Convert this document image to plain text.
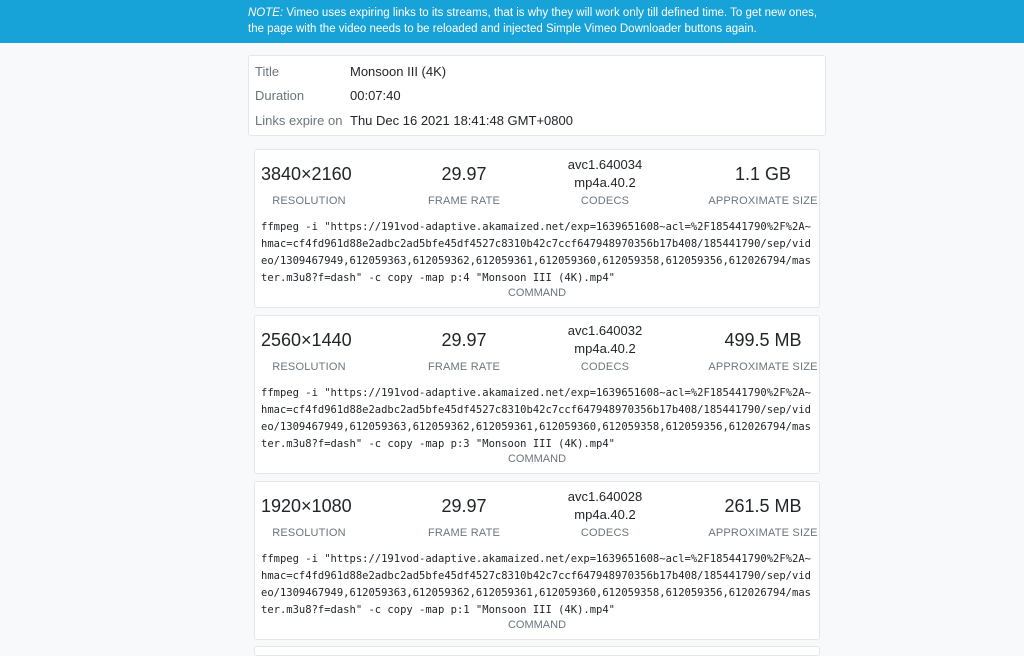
NOTE: Vimeo uses expiring links to its streams, that is why they will work only till defined time. To get new ones, the page with the video needs to be reloaded and injected Simple Vimeo Downloader buttons again.
Title	Monsoon III (4K)
Duration	00:07:40
Links expire on Thu Dec 16 2021 18:41:48 GMT+0800
3840×2160
RESOLUTION
29.97
FRAME RATE
avc1.640034
mp4a.40.2
CODECS
1.1 GB
APPROXIMATE SIZE
ffmpeg -i "https://191vod-adaptive.akamaized.net/exp=1639651608~acl=%2F185441790%2F%2A~hmac=cf4fd961d88e2adbc2ad5bfe45df4527c8310b42c7ccf647948970356b17b408/185441790/sep/video/1309467949,612059363,612059362,612059361,612059360,612059358,612059356,612026794/master.m3u8?f=dash" -c copy -map p:4 "Monsoon III (4K).mp4"
COMMAND
2560×1440
RESOLUTION
29.97
FRAME RATE
avc1.640032
mp4a.40.2
CODECS
499.5 MB
APPROXIMATE SIZE
ffmpeg -i "https://191vod-adaptive.akamaized.net/exp=1639651608~acl=%2F185441790%2F%2A~hmac=cf4fd961d88e2adbc2ad5bfe45df4527c8310b42c7ccf647948970356b17b408/185441790/sep/video/1309467949,612059363,612059362,612059361,612059360,612059358,612059356,612026794/master.m3u8?f=dash" -c copy -map p:3 "Monsoon III (4K).mp4"
COMMAND
1920×1080
RESOLUTION
29.97
FRAME RATE
avc1.640028
mp4a.40.2
CODECS
261.5 MB
APPROXIMATE SIZE
ffmpeg -i "https://191vod-adaptive.akamaized.net/exp=1639651608~acl=%2F185441790%2F%2A~hmac=cf4fd961d88e2adbc2ad5bfe45df4527c8310b42c7ccf647948970356b17b408/185441790/sep/video/1309467949,612059363,612059362,612059361,612059360,612059358,612059356,612026794/master.m3u8?f=dash" -c copy -map p:1 "Monsoon III (4K).mp4"
COMMAND
